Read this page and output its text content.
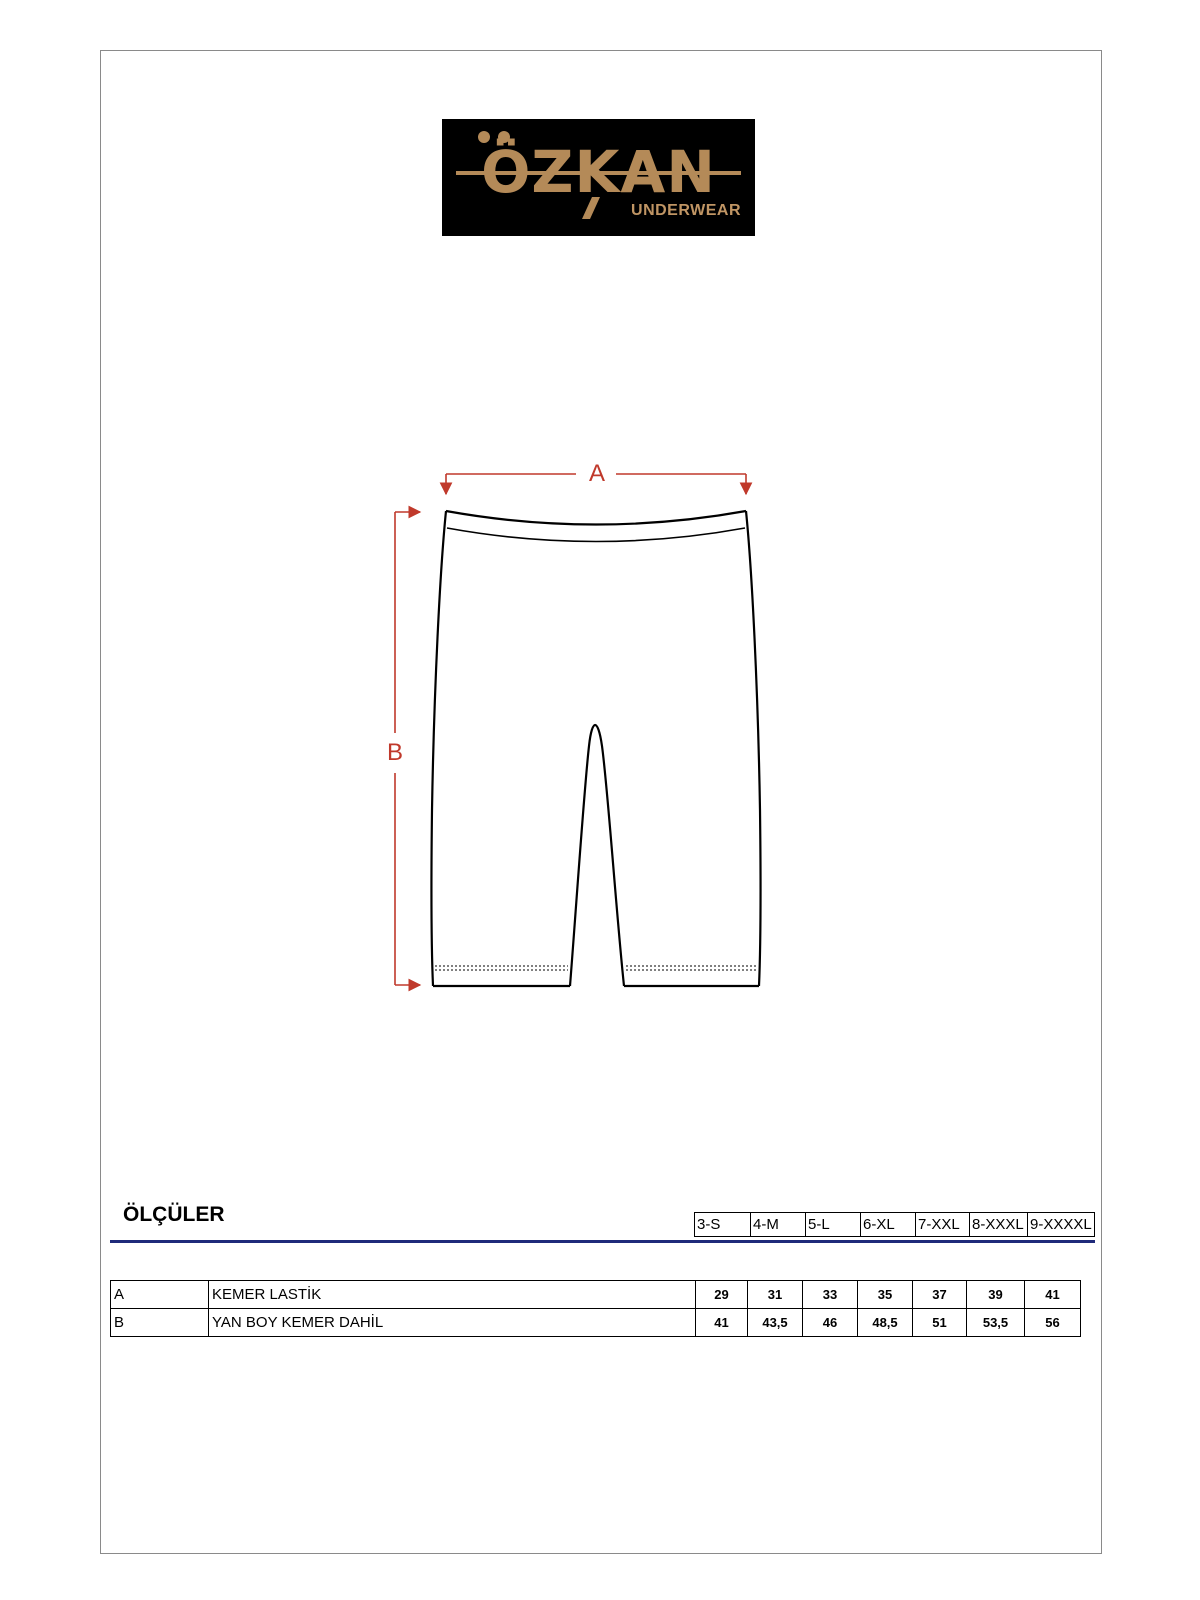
ÖZKAN
UNDERWEAR
A
B
ÖLÇÜLER	3-S	4-M	5-L	6-XL	7-XXL	8-XXXL	9-XXXXL
A	KEMER LASTİK	29	31	33	35	37	39	41
B	YAN BOY KEMER DAHİL	41	43,5	46	48,5	51	53,5	56
